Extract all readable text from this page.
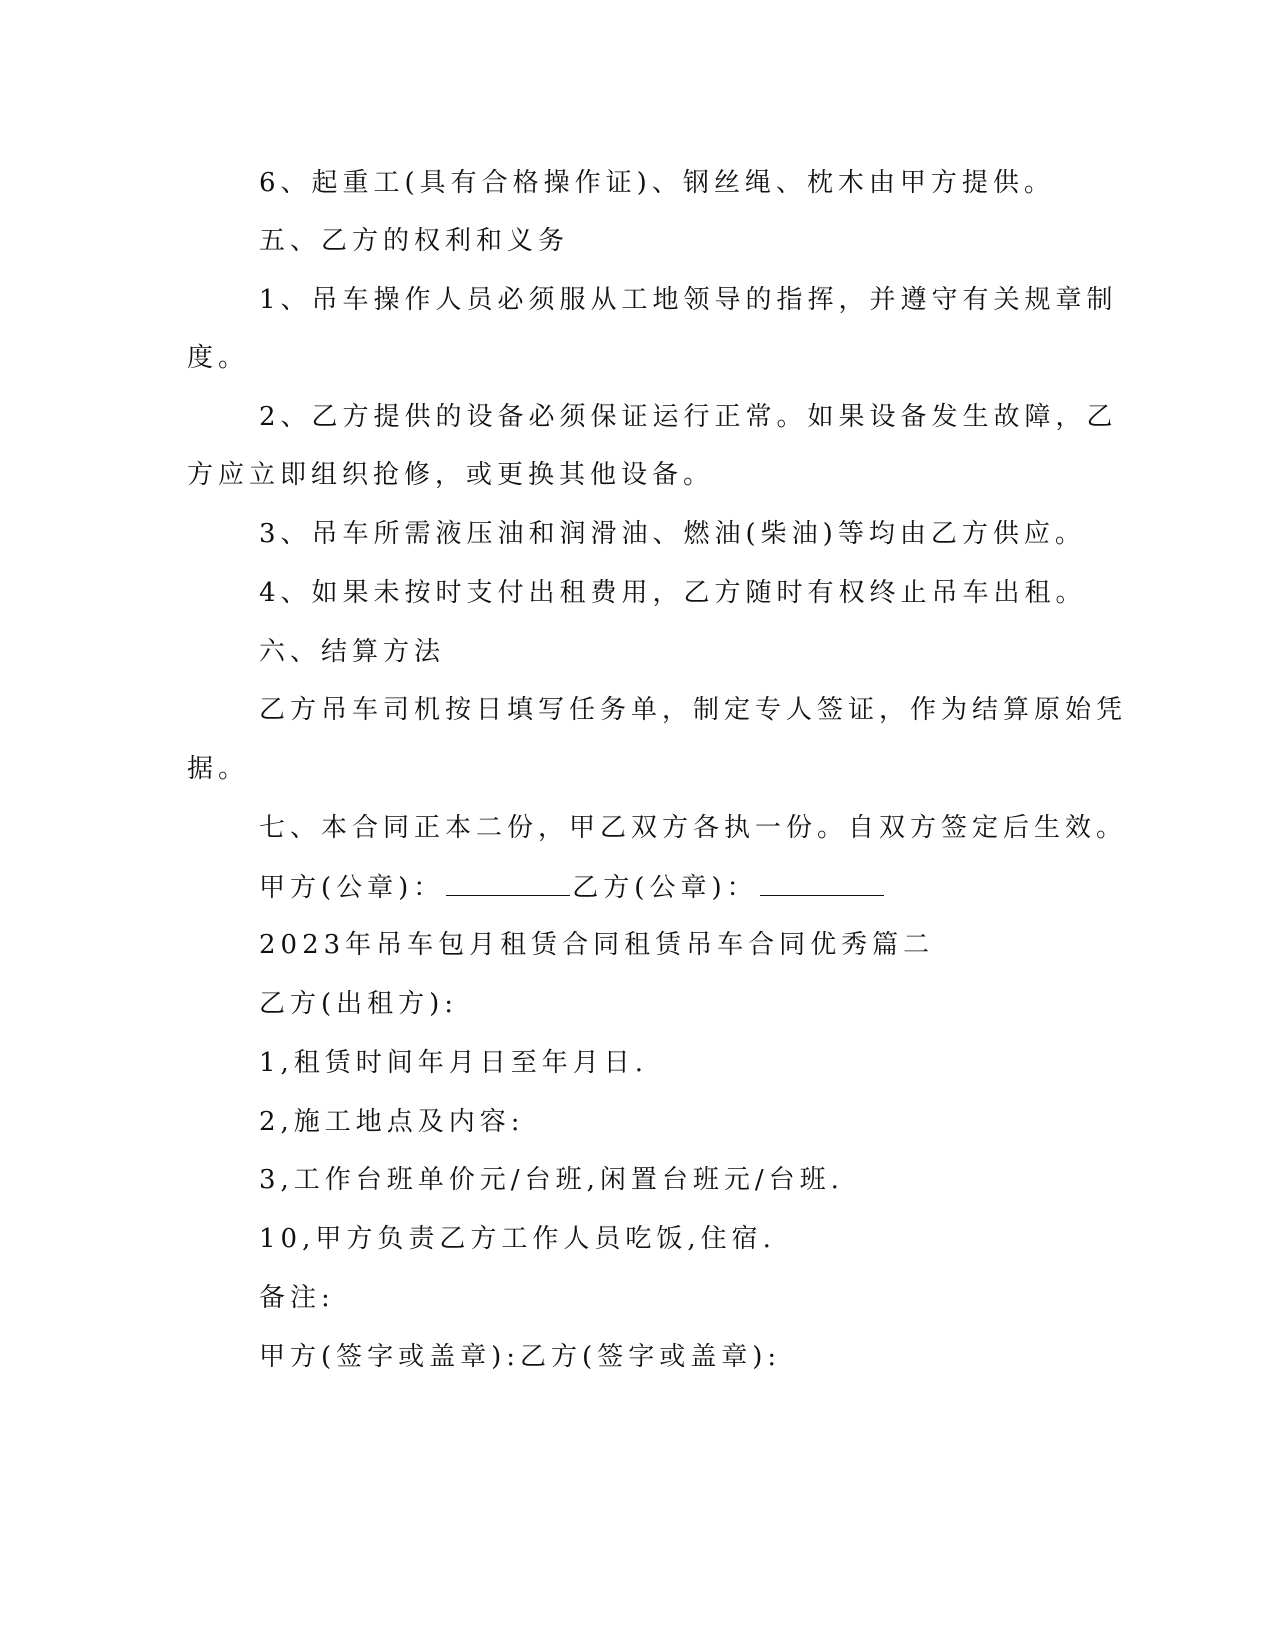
6、起重工(具有合格操作证)、钢丝绳、枕木由甲方提供。
五、乙方的权利和义务
1、吊车操作人员必须服从工地领导的指挥，并遵守有关规章制
度。
2、乙方提供的设备必须保证运行正常。如果设备发生故障，乙
方应立即组织抢修，或更换其他设备。
3、吊车所需液压油和润滑油、燃油(柴油)等均由乙方供应。
4、如果未按时支付出租费用，乙方随时有权终止吊车出租。
六、结算方法
乙方吊车司机按日填写任务单，制定专人签证，作为结算原始凭
据。
七、本合同正本二份，甲乙双方各执一份。自双方签定后生效。
甲方(公章)：	乙方(公章)：
2023年吊车包月租赁合同租赁吊车合同优秀篇二
乙方(出租方):
1,租赁时间年月日至年月日.
2,施工地点及内容:
3,工作台班单价元/台班,闲置台班元/台班.
10,甲方负责乙方工作人员吃饭,住宿.
备注:
甲方(签字或盖章):乙方(签字或盖章):
